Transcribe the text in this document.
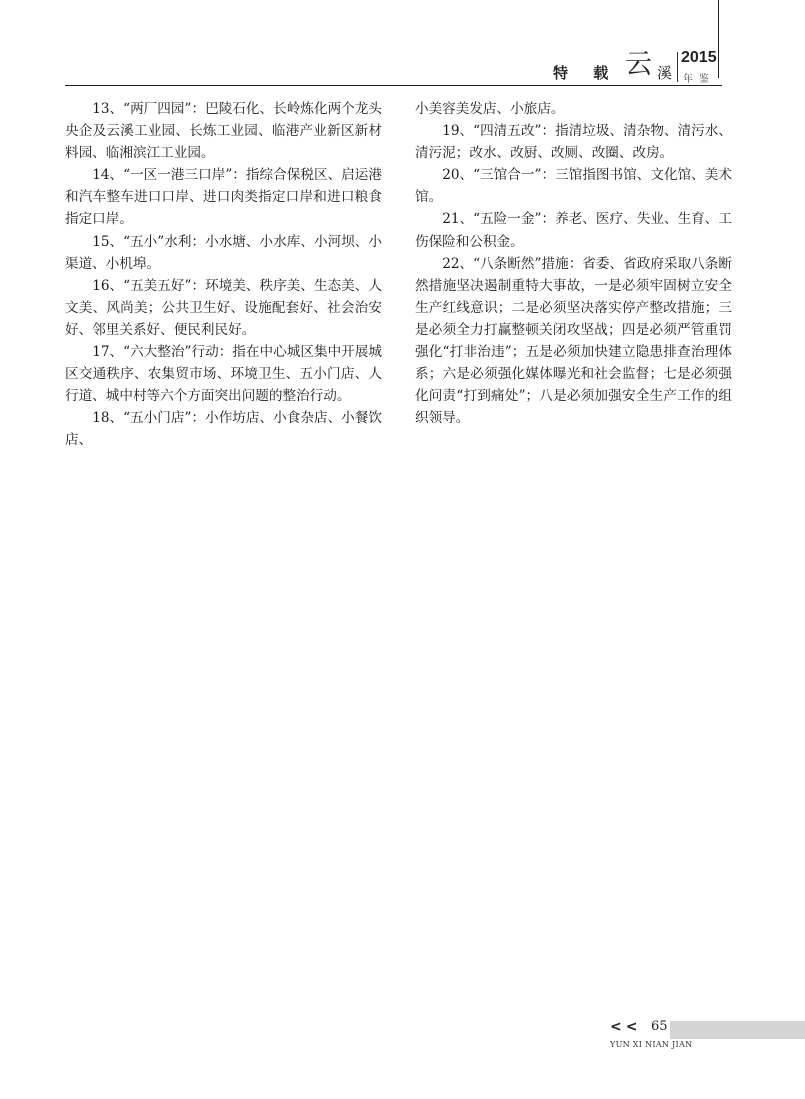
特 载 云 溪
2015
年鉴

13、“两厂四园”：巴陵石化、长岭炼化两个龙头央企及云溪工业园、长炼工业园、临港产业新区新材料园、临湘滨江工业园。

14、“一区一港三口岸”：指综合保税区、启运港和汽车整车进口口岸、进口肉类指定口岸和进口粮食指定口岸。

15、“五小”水利：小水塘、小水库、小河坝、小渠道、小机埠。

16、“五美五好”：环境美、秩序美、生态美、人文美、风尚美；公共卫生好、设施配套好、社会治安好、邻里关系好、便民利民好。

17、“六大整治”行动：指在中心城区集中开展城区交通秩序、农集贸市场、环境卫生、五小门店、人行道、城中村等六个方面突出问题的整治行动。

18、“五小门店”：小作坊店、小食杂店、小餐饮店、

小美容美发店、小旅店。

19、“四清五改”：指清垃圾、清杂物、清污水、清污泥；改水、改厨、改厕、改圈、改房。

20、“三馆合一”：三馆指图书馆、文化馆、美术馆。

21、“五险一金”：养老、医疗、失业、生育、工伤保险和公积金。

22、“八条断然”措施：省委、省政府采取八条断然措施坚决遏制重特大事故，一是必须牢固树立安全生产红线意识；二是必须坚决落实停产整改措施；三是必须全力打赢整顿关闭攻坚战；四是必须严管重罚强化“打非治违”；五是必须加快建立隐患排查治理体系；六是必须强化媒体曝光和社会监督；七是必须强化问责“打到痛处”；八是必须加强安全生产工作的组织领导。

<< 65
YUN XI NIAN JIAN
